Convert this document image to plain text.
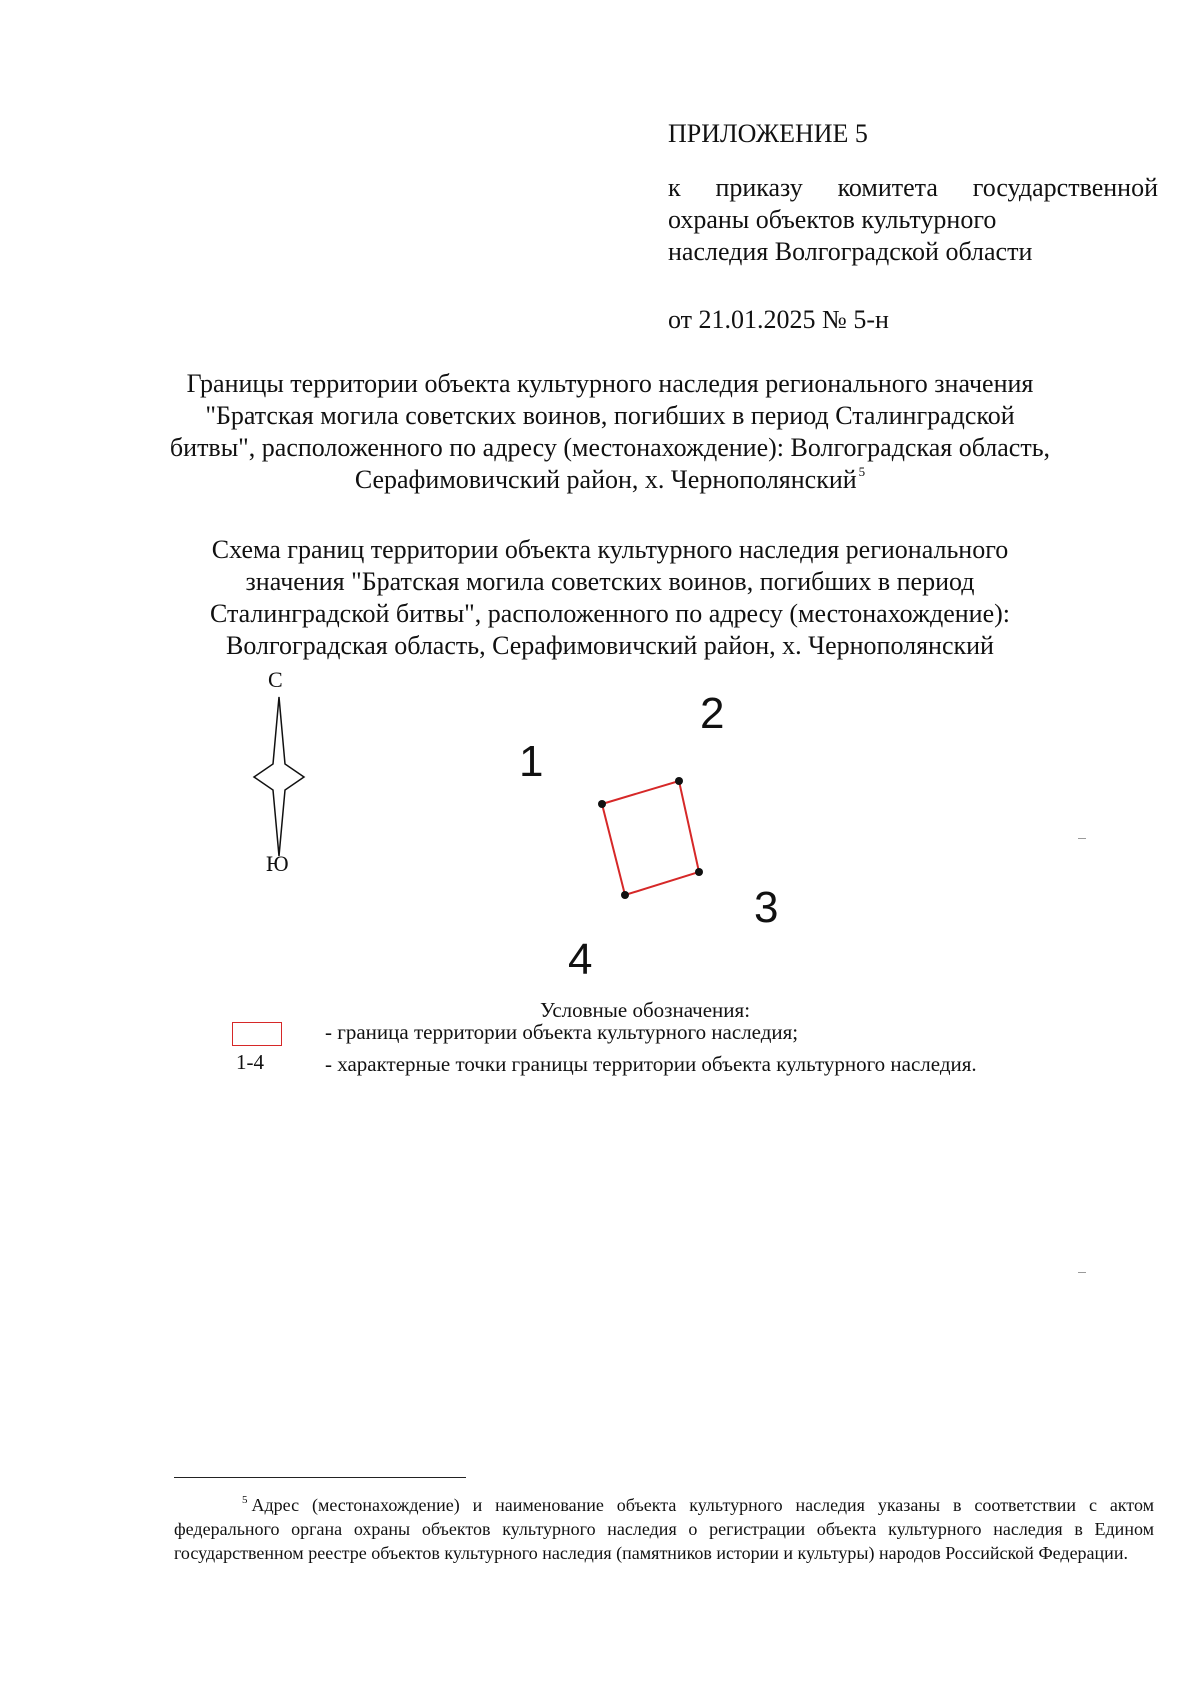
ПРИЛОЖЕНИЕ 5
к приказу комитета государственной
охраны объектов культурного
наследия Волгоградской области
от 21.01.2025 № 5-н
Границы территории объекта культурного наследия регионального значения
"Братская могила советских воинов, погибших в период Сталинградской
битвы", расположенного по адресу (местонахождение): Волгоградская область,
Серафимовичский район, х. Чернополянский $^5$
Схема границ территории объекта культурного наследия регионального
значения "Братская могила советских воинов, погибших в период
Сталинградской битвы", расположенного по адресу (местонахождение):
Волгоградская область, Серафимовичский район, х. Чернополянский
С
Ю
1
2
3
4
Условные обозначения:
- граница территории объекта культурного наследия;
1-4	- характерные точки границы территории объекта культурного наследия.
$^5$ Адрес (местонахождение) и наименование объекта культурного наследия указаны в соответствии с актом федерального органа охраны объектов культурного наследия о регистрации объекта культурного наследия в Едином государственном реестре объектов культурного наследия (памятников истории и культуры) народов Российской Федерации.
